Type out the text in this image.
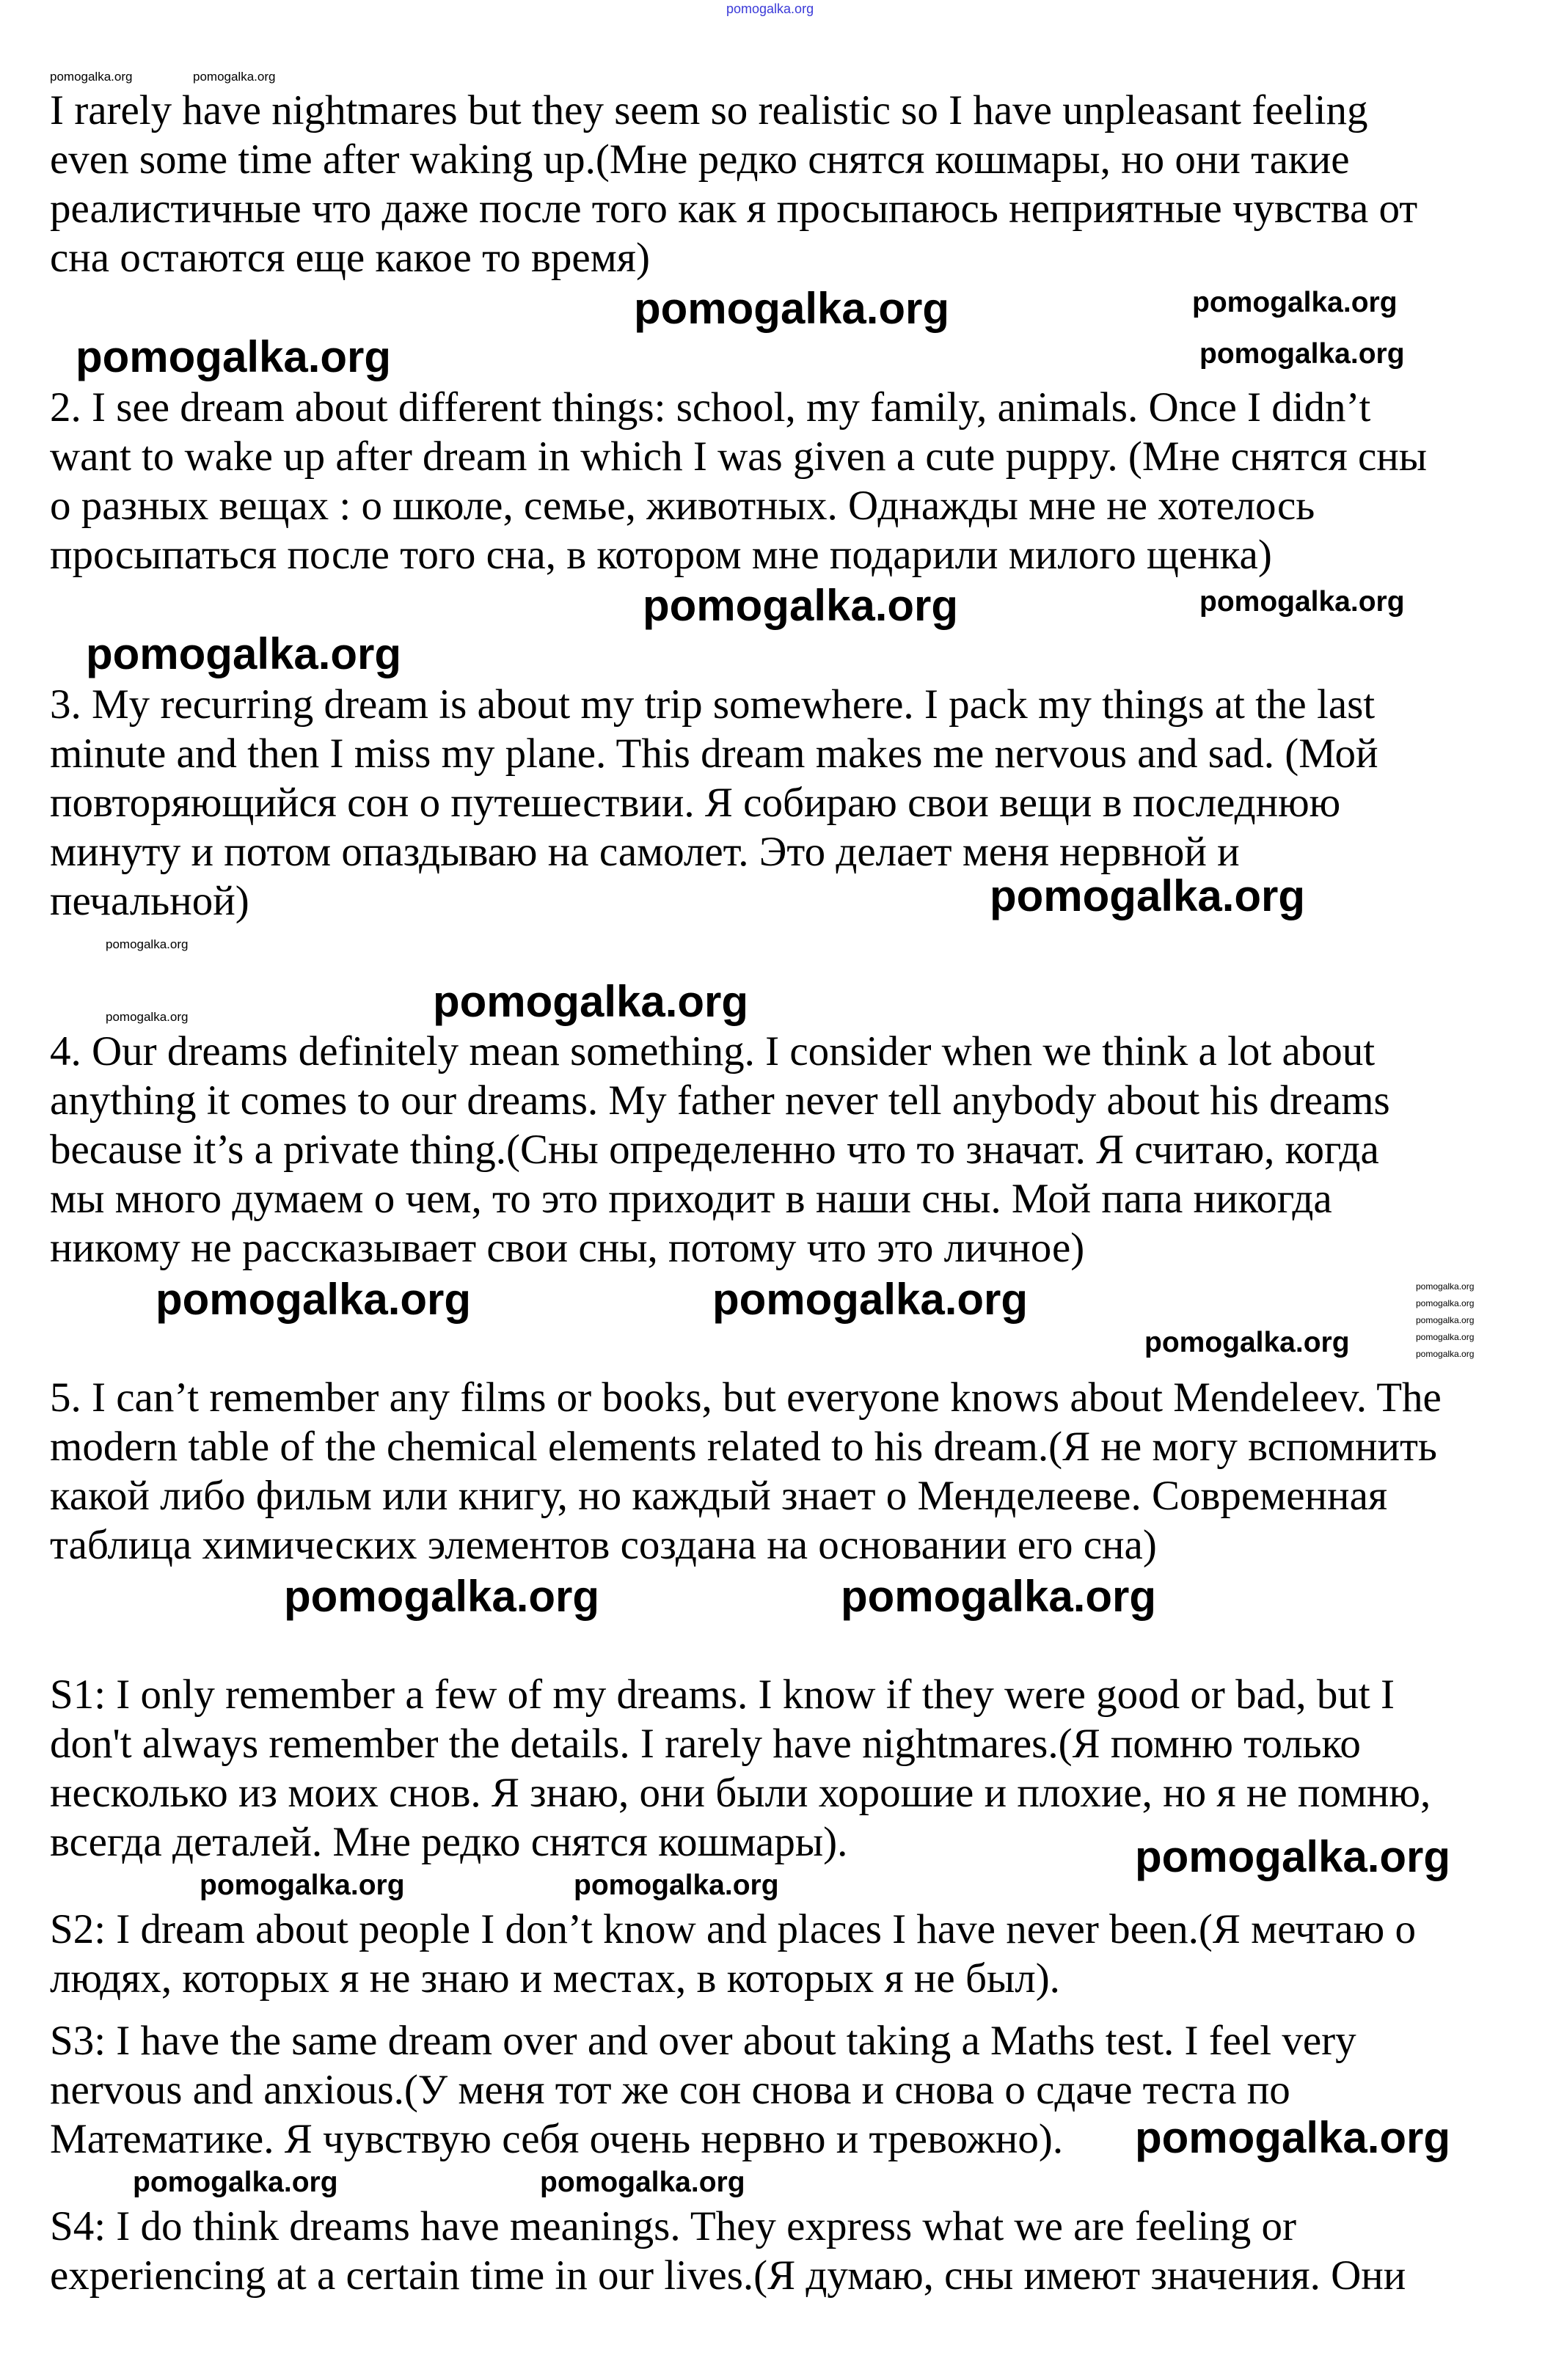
I rarely have nightmares but they seem so realistic so I have unpleasant feeling
even some time after waking up.(Мне редко снятся кошмары, но они такие
реалистичные что даже после того как я просыпаюсь неприятные чувства от
сна остаются еще какое то время)
2. I see dream about different things: school, my family, animals. Once I didn’t
want to wake up after dream in which I was given a cute puppy. (Мне снятся сны
о разных вещах : о школе, семье, животных. Однажды мне не хотелось
просыпаться после того сна, в котором мне подарили милого щенка)
3. My recurring dream is about my trip somewhere. I pack my things at the last
minute and then I miss my plane. This dream makes me nervous and sad. (Мой
повторяющийся сон о путешествии. Я собираю свои вещи в последнюю
минуту и потом опаздываю на самолет. Это делает меня нервной и
печальной)
4. Our dreams definitely mean something. I consider when we think a lot about
anything it comes to our dreams. My father never tell anybody about his dreams
because it’s a private thing.(Сны определенно что то значат. Я считаю, когда
мы много думаем о чем, то это приходит в наши сны. Мой папа никогда
никому не рассказывает свои сны, потому что это личное)
5. I can’t remember any films or books, but everyone knows about Mendeleev. The
modern table of the chemical elements related to his dream.(Я не могу вспомнить
какой либо фильм или книгу, но каждый знает о Менделееве. Современная
таблица химических элементов создана на основании его сна)
S1: I only remember a few of my dreams. I know if they were good or bad, but I
don't always remember the details. I rarely have nightmares.(Я помню только
несколько из моих снов. Я знаю, они были хорошие и плохие, но я не помню,
всегда деталей. Мне редко снятся кошмары).
S2: I dream about people I don’t know and places I have never been.(Я мечтаю о
людях, которых я не знаю и местах, в которых я не был).
S3: I have the same dream over and over about taking a Maths test. I feel very
nervous and anxious.(У меня тот же сон снова и снова о сдаче теста по
Математике. Я чувствую себя очень нервно и тревожно).
S4: I do think dreams have meanings. They express what we are feeling or
experiencing at a certain time in our lives.(Я думаю, сны имеют значения. Они
pomogalka.org
pomogalka.org	pomogalka.org
pomogalka.org
pomogalka.org
pomogalka.org	pomogalka.org
pomogalka.org	pomogalka.org
pomogalka.org
pomogalka.org
pomogalka.org
pomogalka.org	pomogalka.org
pomogalka.org
pomogalka.org	pomogalka.org	pomogalka.org
pomogalka.org
pomogalka.org
pomogalka.org
pomogalka.org
pomogalka.org	pomogalka.org
pomogalka.org
pomogalka.org	pomogalka.org
pomogalka.org
pomogalka.org	pomogalka.org
